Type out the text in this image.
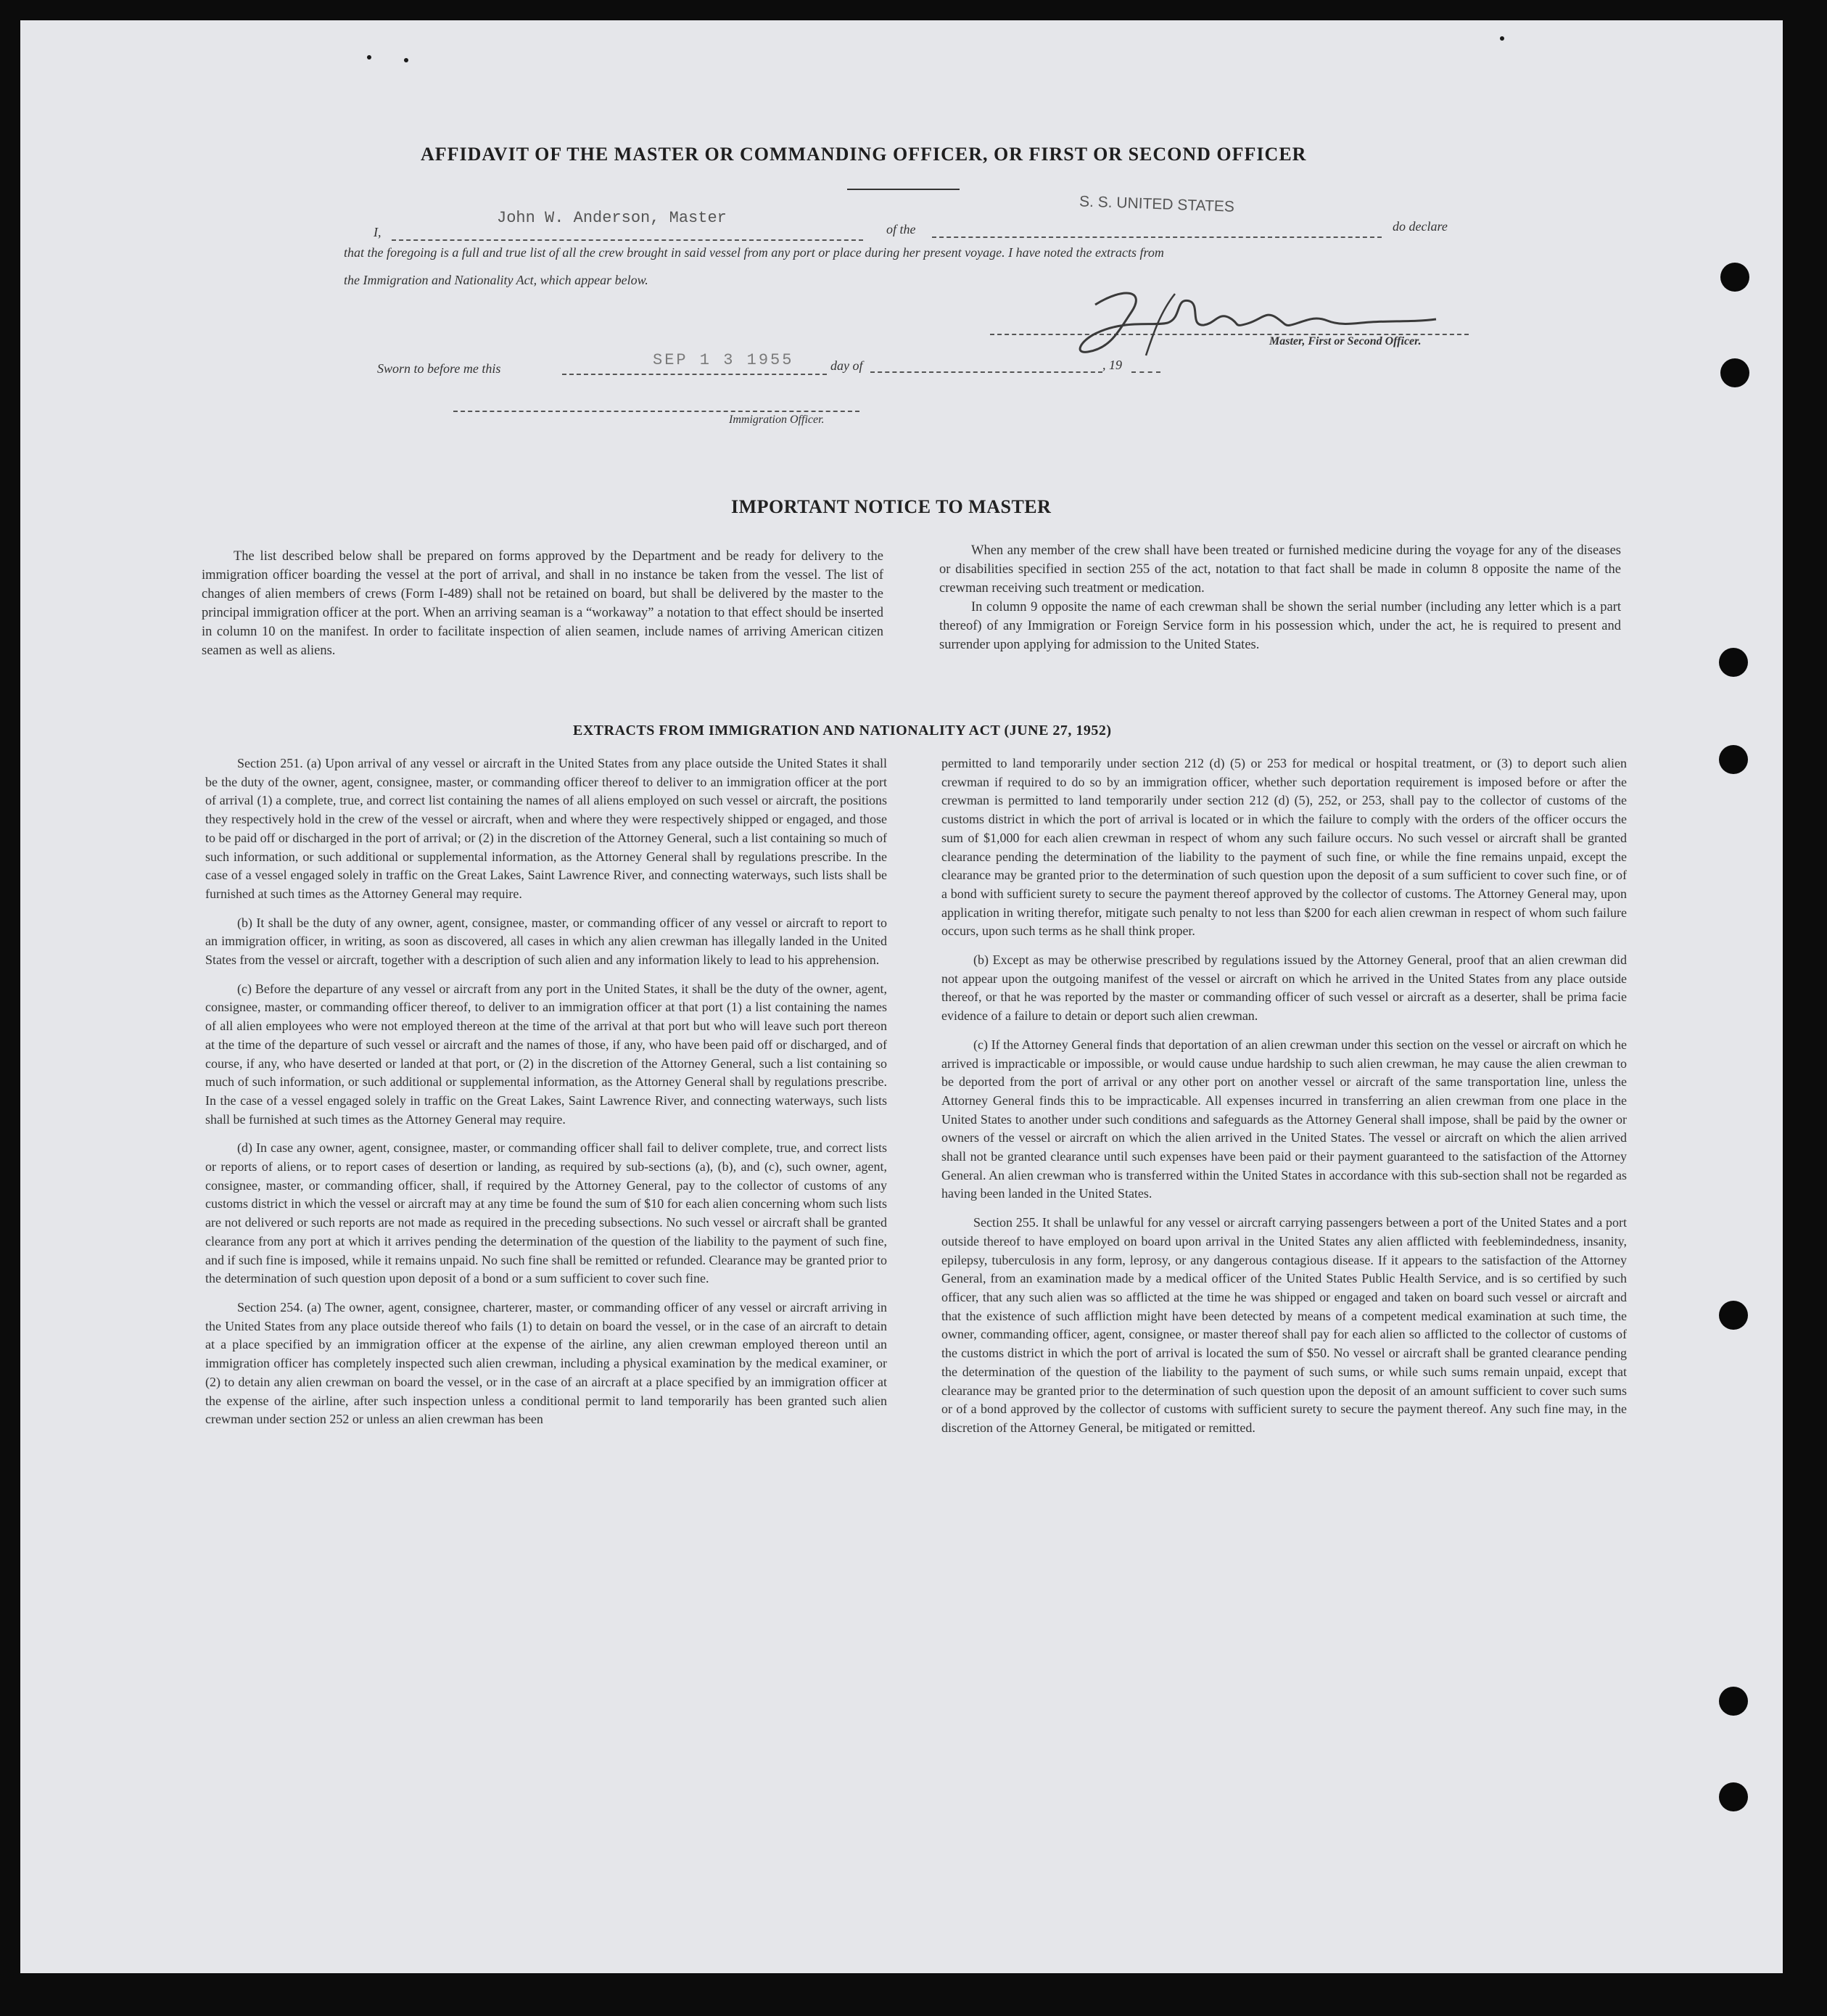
AFFIDAVIT OF THE MASTER OR COMMANDING OFFICER, OR FIRST OR SECOND OFFICER
I,
John W. Anderson, Master
of the
S. S. UNITED STATES
do declare
that the foregoing is a full and true list of all the crew brought in said vessel from any port or place during her present voyage. I have noted the extracts from
the Immigration and Nationality Act, which appear below.
Master, First or Second Officer.
Sworn to before me this	SEP 1 3 1955	day of	, 19
Immigration Officer.
IMPORTANT NOTICE TO MASTER

The list described below shall be prepared on forms approved by the Department and be ready for delivery to the immigration officer boarding the vessel at the port of arrival, and shall in no instance be taken from the vessel. The list of changes of alien members of crews (Form I-489) shall not be retained on board, but shall be delivered by the master to the principal immigration officer at the port. When an arriving seaman is a “workaway” a notation to that effect should be inserted in column 10 on the manifest. In order to facilitate inspection of alien seamen, include names of arriving American citizen seamen as well as aliens.

When any member of the crew shall have been treated or furnished medicine during the voyage for any of the diseases or disabilities specified in section 255 of the act, notation to that fact shall be made in column 8 opposite the name of the crewman receiving such treatment or medication.

In column 9 opposite the name of each crewman shall be shown the serial number (including any letter which is a part thereof) of any Immigration or Foreign Service form in his possession which, under the act, he is required to present and surrender upon applying for admission to the United States.

EXTRACTS FROM IMMIGRATION AND NATIONALITY ACT (JUNE 27, 1952)

Section 251. (a) Upon arrival of any vessel or aircraft in the United States from any place outside the United States it shall be the duty of the owner, agent, consignee, master, or commanding officer thereof to deliver to an immigration officer at the port of arrival (1) a complete, true, and correct list containing the names of all aliens employed on such vessel or aircraft, the positions they respectively hold in the crew of the vessel or aircraft, when and where they were respectively shipped or engaged, and those to be paid off or discharged in the port of arrival; or (2) in the discretion of the Attorney General, such a list containing so much of such information, or such additional or supplemental information, as the Attorney General shall by regulations prescribe. In the case of a vessel engaged solely in traffic on the Great Lakes, Saint Lawrence River, and connecting waterways, such lists shall be furnished at such times as the Attorney General may require.

(b) It shall be the duty of any owner, agent, consignee, master, or commanding officer of any vessel or aircraft to report to an immigration officer, in writing, as soon as discovered, all cases in which any alien crewman has illegally landed in the United States from the vessel or aircraft, together with a description of such alien and any information likely to lead to his apprehension.

(c) Before the departure of any vessel or aircraft from any port in the United States, it shall be the duty of the owner, agent, consignee, master, or commanding officer thereof, to deliver to an immigration officer at that port (1) a list containing the names of all alien employees who were not employed thereon at the time of the arrival at that port but who will leave such port thereon at the time of the departure of such vessel or aircraft and the names of those, if any, who have been paid off or discharged, and of course, if any, who have deserted or landed at that port, or (2) in the discretion of the Attorney General, such a list containing so much of such information, or such additional or supplemental information, as the Attorney General shall by regulations prescribe. In the case of a vessel engaged solely in traffic on the Great Lakes, Saint Lawrence River, and connecting waterways, such lists shall be furnished at such times as the Attorney General may require.

(d) In case any owner, agent, consignee, master, or commanding officer shall fail to deliver complete, true, and correct lists or reports of aliens, or to report cases of desertion or landing, as required by sub-sections (a), (b), and (c), such owner, agent, consignee, master, or commanding officer, shall, if required by the Attorney General, pay to the collector of customs of any customs district in which the vessel or aircraft may at any time be found the sum of $10 for each alien concerning whom such lists are not delivered or such reports are not made as required in the preceding subsections. No such vessel or aircraft shall be granted clearance from any port at which it arrives pending the determination of the question of the liability to the payment of such fine, and if such fine is imposed, while it remains unpaid. No such fine shall be remitted or refunded. Clearance may be granted prior to the determination of such question upon deposit of a bond or a sum sufficient to cover such fine.

Section 254. (a) The owner, agent, consignee, charterer, master, or commanding officer of any vessel or aircraft arriving in the United States from any place outside thereof who fails (1) to detain on board the vessel, or in the case of an aircraft to detain at a place specified by an immigration officer at the expense of the airline, any alien crewman employed thereon until an immigration officer has completely inspected such alien crewman, including a physical examination by the medical examiner, or (2) to detain any alien crewman on board the vessel, or in the case of an aircraft at a place specified by an immigration officer at the expense of the airline, after such inspection unless a conditional permit to land temporarily has been granted such alien crewman under section 252 or unless an alien crewman has been

permitted to land temporarily under section 212 (d) (5) or 253 for medical or hospital treatment, or (3) to deport such alien crewman if required to do so by an immigration officer, whether such deportation requirement is imposed before or after the crewman is permitted to land temporarily under section 212 (d) (5), 252, or 253, shall pay to the collector of customs of the customs district in which the port of arrival is located or in which the failure to comply with the orders of the officer occurs the sum of $1,000 for each alien crewman in respect of whom any such failure occurs. No such vessel or aircraft shall be granted clearance pending the determination of the liability to the payment of such fine, or while the fine remains unpaid, except the clearance may be granted prior to the determination of such question upon the deposit of a sum sufficient to cover such fine, or of a bond with sufficient surety to secure the payment thereof approved by the collector of customs. The Attorney General may, upon application in writing therefor, mitigate such penalty to not less than $200 for each alien crewman in respect of whom such failure occurs, upon such terms as he shall think proper.

(b) Except as may be otherwise prescribed by regulations issued by the Attorney General, proof that an alien crewman did not appear upon the outgoing manifest of the vessel or aircraft on which he arrived in the United States from any place outside thereof, or that he was reported by the master or commanding officer of such vessel or aircraft as a deserter, shall be prima facie evidence of a failure to detain or deport such alien crewman.

(c) If the Attorney General finds that deportation of an alien crewman under this section on the vessel or aircraft on which he arrived is impracticable or impossible, or would cause undue hardship to such alien crewman, he may cause the alien crewman to be deported from the port of arrival or any other port on another vessel or aircraft of the same transportation line, unless the Attorney General finds this to be impracticable. All expenses incurred in transferring an alien crewman from one place in the United States to another under such conditions and safeguards as the Attorney General shall impose, shall be paid by the owner or owners of the vessel or aircraft on which the alien arrived in the United States. The vessel or aircraft on which the alien arrived shall not be granted clearance until such expenses have been paid or their payment guaranteed to the satisfaction of the Attorney General. An alien crewman who is transferred within the United States in accordance with this sub-section shall not be regarded as having been landed in the United States.

Section 255. It shall be unlawful for any vessel or aircraft carrying passengers between a port of the United States and a port outside thereof to have employed on board upon arrival in the United States any alien afflicted with feeblemindedness, insanity, epilepsy, tuberculosis in any form, leprosy, or any dangerous contagious disease. If it appears to the satisfaction of the Attorney General, from an examination made by a medical officer of the United States Public Health Service, and is so certified by such officer, that any such alien was so afflicted at the time he was shipped or engaged and taken on board such vessel or aircraft and that the existence of such affliction might have been detected by means of a competent medical examination at such time, the owner, commanding officer, agent, consignee, or master thereof shall pay for each alien so afflicted to the collector of customs of the customs district in which the port of arrival is located the sum of $50. No vessel or aircraft shall be granted clearance pending the determination of the question of the liability to the payment of such sums, or while such sums remain unpaid, except that clearance may be granted prior to the determination of such question upon the deposit of an amount sufficient to cover such sums or of a bond approved by the collector of customs with sufficient surety to secure the payment thereof. Any such fine may, in the discretion of the Attorney General, be mitigated or remitted.
